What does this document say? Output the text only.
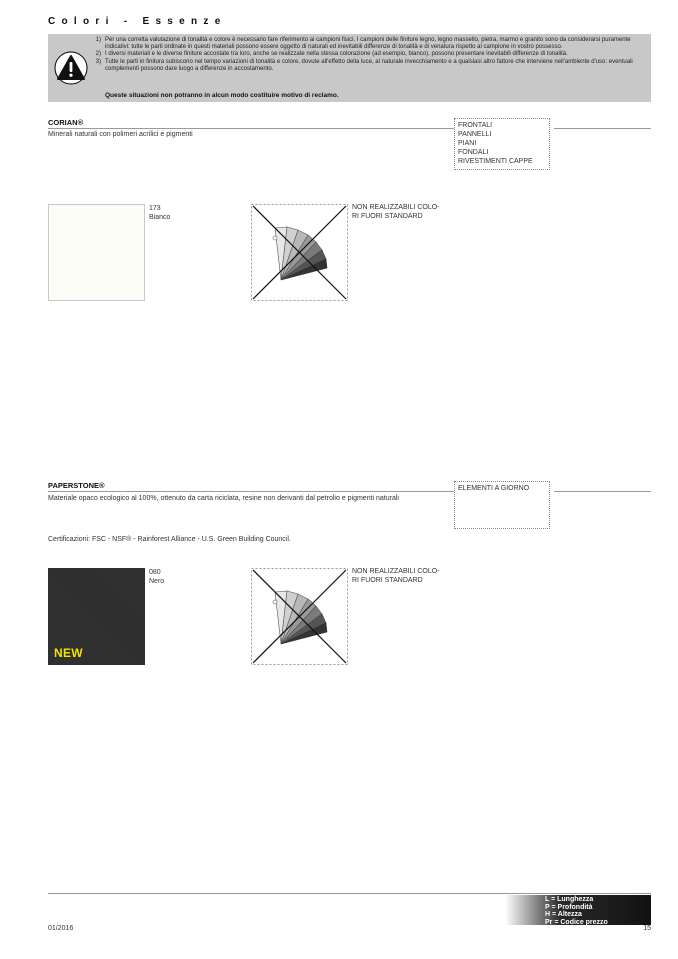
Colori - Essenze
1) Per una corretta valutazione di tonalità e colore è necessario fare riferimento ai campioni fisici. I campioni delle finiture legno, legno massello, pietra, marmo e granito sono da considerarsi puramente indicativi: tutte le parti ordinate in questi materiali possono essere oggetto di naturali ed inevitabili differenze di tonalità e di venatura rispetto al campione in vostro possesso.
2) I diversi materiali e le diverse finiture accostate tra loro, anche se realizzate nella stessa colorazione (ad esempio, bianco), possono presentare inevitabili differenze di tonalità.
3) Tutte le parti in finitura subiscono nel tempo variazioni di tonalità e colore, dovute all'effetto della luce, al naturale invecchiamento e a qualsiasi altro fattore che interviene nell'ambiente d'uso: eventuali complementi possono dare luogo a differenze in accostamento.
Queste situazioni non potranno in alcun modo costituire motivo di reclamo.
CORIAN®
Minerali naturali con polimeri acrilici e pigmenti
FRONTALI
PANNELLI
PIANI
FONDALI
RIVESTIMENTI CAPPE
173
Bianco
NON REALIZZABILI COLO-
RI FUORI STANDARD
PAPERSTONE®
Materiale opaco ecologico al 100%, ottenuto da carta riciclata, resine non derivanti dal petrolio e pigmenti naturali
Certificazioni: FSC - NSF® - Rainforest Alliance - U.S. Green Building Council.
ELEMENTI A GIORNO
NEW
080
Nero
NON REALIZZABILI COLO-
RI FUORI STANDARD
L = Lunghezza
P = Profondità
H = Altezza
Pr = Codice prezzo
01/2016	15
